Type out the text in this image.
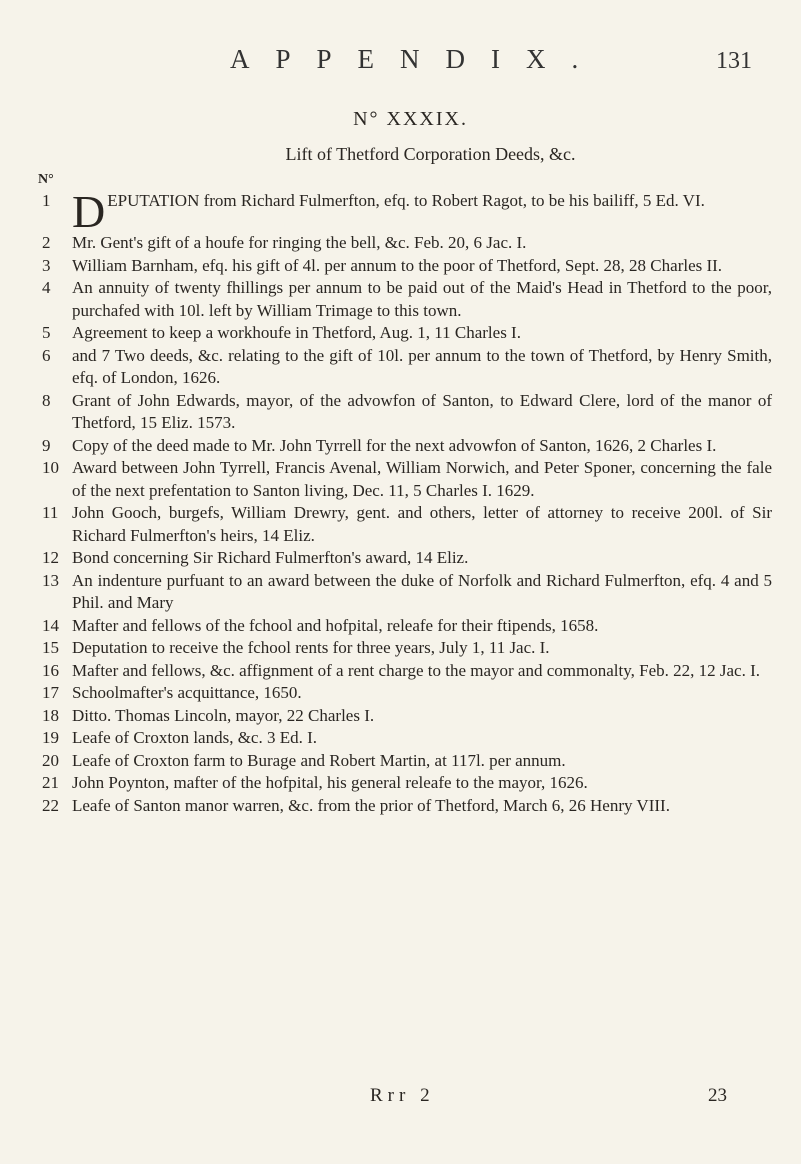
APPENDIX.	131
N° XXXIX.
Lift of Thetford Corporation Deeds, &c.
N°
1 DEPUTATION from Richard Fulmerfton, efq. to Robert Ragot, to be his bailiff, 5 Ed. VI.
2	Mr. Gent's gift of a houfe for ringing the bell, &c. Feb. 20, 6 Jac. I.
3	William Barnham, efq. his gift of 4l. per annum to the poor of Thetford, Sept. 28, 28 Charles II.
4	An annuity of twenty fhillings per annum to be paid out of the Maid's Head in Thetford to the poor, purchafed with 10l. left by William Trimage to this town.
5	Agreement to keep a workhoufe in Thetford, Aug. 1, 11 Charles I.
6	and 7 Two deeds, &c. relating to the gift of 10l. per annum to the town of Thetford, by Henry Smith, efq. of London, 1626.
8	Grant of John Edwards, mayor, of the advowfon of Santon, to Edward Clere, lord of the manor of Thetford, 15 Eliz. 1573.
9	Copy of the deed made to Mr. John Tyrrell for the next advowfon of Santon, 1626, 2 Charles I.
10 Award between John Tyrrell, Francis Avenal, William Norwich, and Peter Sponer, concerning the fale of the next prefentation to Santon living, Dec. 11, 5 Charles I. 1629.
11 John Gooch, burgefs, William Drewry, gent. and others, letter of attorney to receive 200l. of Sir Richard Fulmerfton's heirs, 14 Eliz.
12 Bond concerning Sir Richard Fulmerfton's award, 14 Eliz.
13 An indenture purfuant to an award between the duke of Norfolk and Richard Fulmerfton, efq. 4 and 5 Phil. and Mary
14 Mafter and fellows of the fchool and hofpital, releafe for their ftipends, 1658.
15 Deputation to receive the fchool rents for three years, July 1, 11 Jac. I.
16 Mafter and fellows, &c. affignment of a rent charge to the mayor and commonalty, Feb. 22, 12 Jac. I.
17 Schoolmafter's acquittance, 1650.
18 Ditto. Thomas Lincoln, mayor, 22 Charles I.
19 Leafe of Croxton lands, &c. 3 Ed. I.
20 Leafe of Croxton farm to Burage and Robert Martin, at 117l. per annum.
21 John Poynton, mafter of the hofpital, his general releafe to the mayor, 1626.
22 Leafe of Santon manor warren, &c. from the prior of Thetford, March 6, 26 Henry VIII.
Rrr 2	23
